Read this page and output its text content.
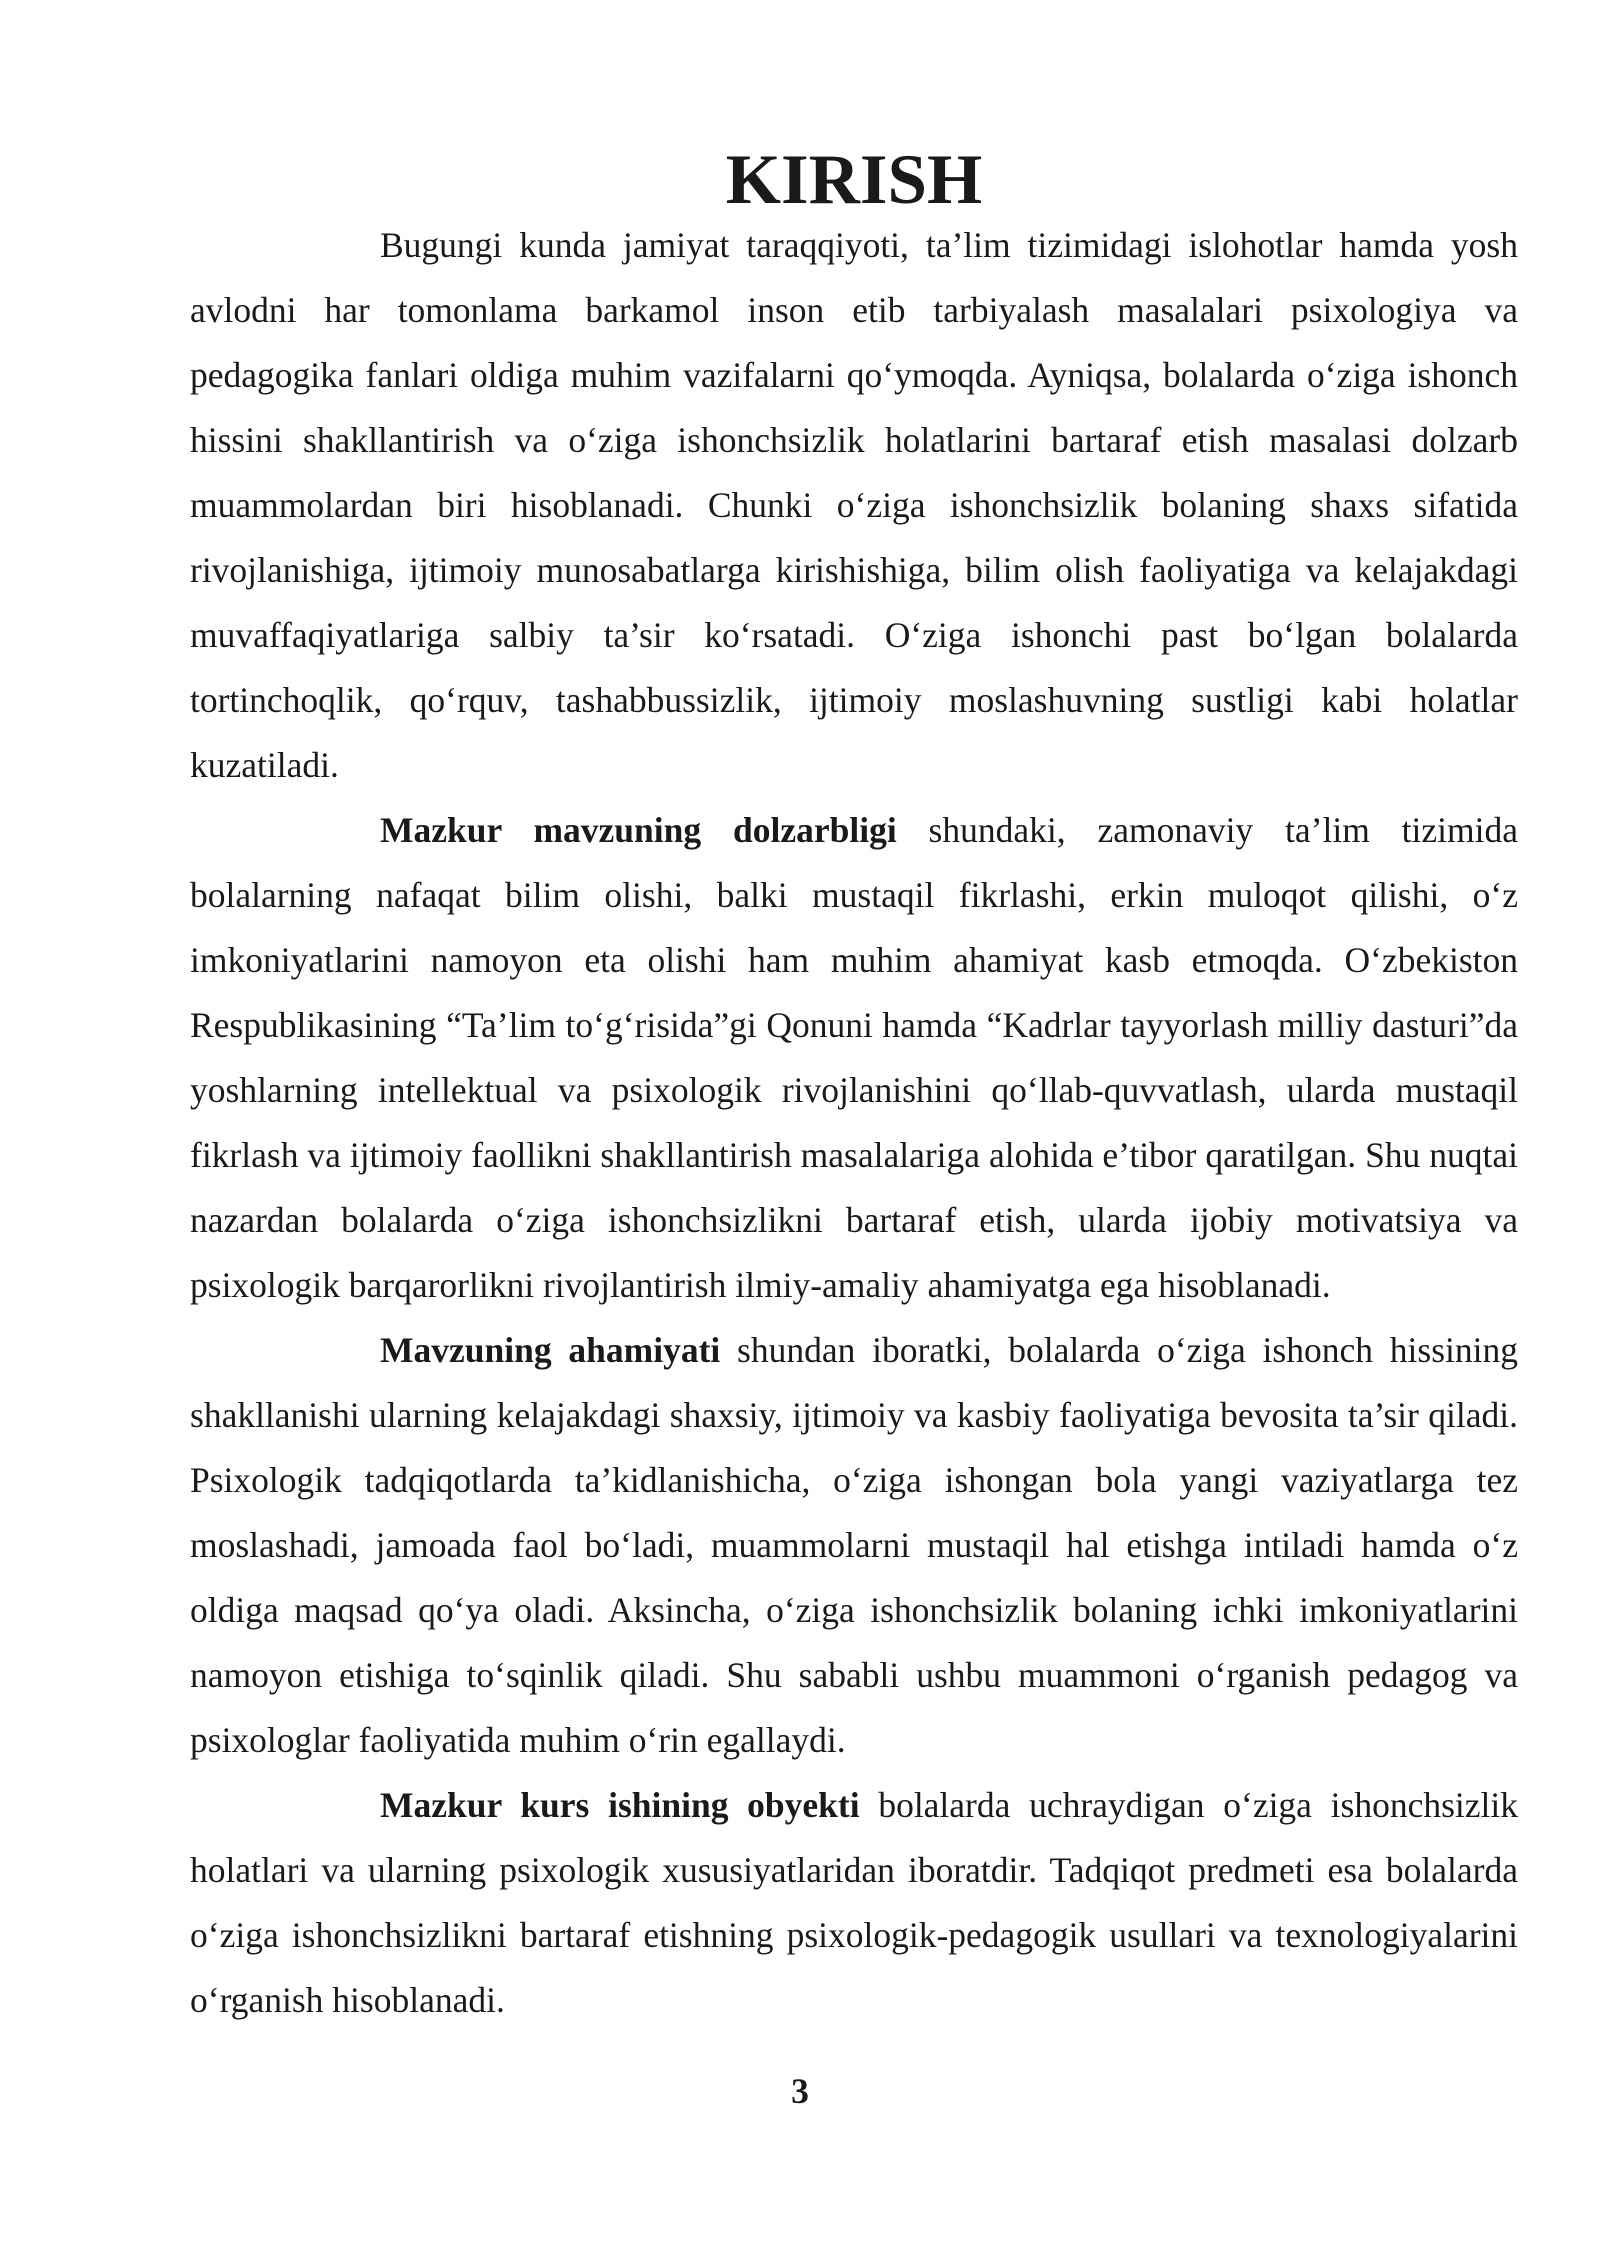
KIRISH

Bugungi kunda jamiyat taraqqiyoti, ta’lim tizimidagi islohotlar hamda yosh avlodni har tomonlama barkamol inson etib tarbiyalash masalalari psixologiya va pedagogika fanlari oldiga muhim vazifalarni qo‘ymoqda. Ayniqsa, bolalarda o‘ziga ishonch hissini shakllantirish va o‘ziga ishonchsizlik holatlarini bartaraf etish masalasi dolzarb muammolardan biri hisoblanadi. Chunki o‘ziga ishonchsizlik bolaning shaxs sifatida rivojlanishiga, ijtimoiy munosabatlarga kirishishiga, bilim olish faoliyatiga va kelajakdagi muvaffaqiyatlariga salbiy ta’sir ko‘rsatadi. O‘ziga ishonchi past bo‘lgan bolalarda tortinchoqlik, qo‘rquv, tashabbussizlik, ijtimoiy moslashuvning sustligi kabi holatlar kuzatiladi.

Mazkur mavzuning dolzarbligi shundaki, zamonaviy ta’lim tizimida bolalarning nafaqat bilim olishi, balki mustaqil fikrlashi, erkin muloqot qilishi, o‘z imkoniyatlarini namoyon eta olishi ham muhim ahamiyat kasb etmoqda. O‘zbekiston Respublikasining “Ta’lim to‘g‘risida”gi Qonuni hamda “Kadrlar tayyorlash milliy dasturi”da yoshlarning intellektual va psixologik rivojlanishini qo‘llab-quvvatlash, ularda mustaqil fikrlash va ijtimoiy faollikni shakllantirish masalalariga alohida e’tibor qaratilgan. Shu nuqtai nazardan bolalarda o‘ziga ishonchsizlikni bartaraf etish, ularda ijobiy motivatsiya va psixologik barqarorlikni rivojlantirish ilmiy-amaliy ahamiyatga ega hisoblanadi.

Mavzuning ahamiyati shundan iboratki, bolalarda o‘ziga ishonch hissining shakllanishi ularning kelajakdagi shaxsiy, ijtimoiy va kasbiy faoliyatiga bevosita ta’sir qiladi. Psixologik tadqiqotlarda ta’kidlanishicha, o‘ziga ishongan bola yangi vaziyatlarga tez moslashadi, jamoada faol bo‘ladi, muammolarni mustaqil hal etishga intiladi hamda o‘z oldiga maqsad qo‘ya oladi. Aksincha, o‘ziga ishonchsizlik bolaning ichki imkoniyatlarini namoyon etishiga to‘sqinlik qiladi. Shu sababli ushbu muammoni o‘rganish pedagog va psixologlar faoliyatida muhim o‘rin egallaydi.

Mazkur kurs ishining obyekti bolalarda uchraydigan o‘ziga ishonchsizlik holatlari va ularning psixologik xususiyatlaridan iboratdir. Tadqiqot predmeti esa bolalarda o‘ziga ishonchsizlikni bartaraf etishning psixologik-pedagogik usullari va texnologiyalarini o‘rganish hisoblanadi.

3
